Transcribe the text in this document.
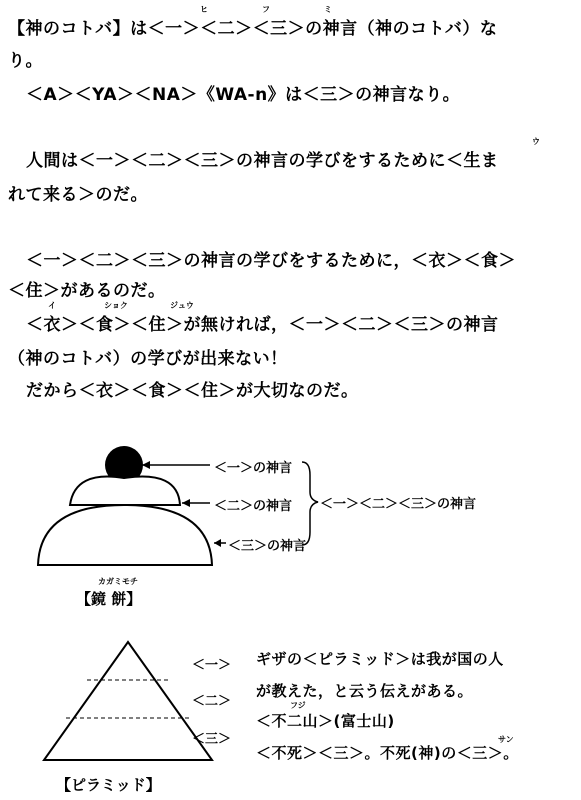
【神のコトバ】は＜一＞＜二＞＜三＞の神言（神のコトバ）な
り。
＜A＞＜YA＞＜NA＞《WA-n》は＜三＞の神言なり。
人間は＜一＞＜二＞＜三＞の神言の学びをするために＜生ま
れて来る＞のだ。
＜一＞＜二＞＜三＞の神言の学びをするために，＜衣＞＜食＞
＜住＞があるのだ。
＜衣＞＜食＞＜住＞が無ければ，＜一＞＜二＞＜三＞の神言
（神のコトバ）の学びが出来ない！
だから＜衣＞＜食＞＜住＞が大切なのだ。
ヒ	フ	ミ
ウ
イ	ショク	ジュウ
＜一＞の神言
＜二＞の神言
＜三＞の神言
＜一＞＜二＞＜三＞の神言
カガミモチ
【鏡 餅】
＜一＞
＜二＞
＜三＞
ギザの＜ピラミッド＞は我が国の人
が教えた，と云う伝えがある。
フジ
＜不二山＞(富士山)
サン
＜不死＞＜三＞。不死(神)の＜三＞。
【ピラミッド】
